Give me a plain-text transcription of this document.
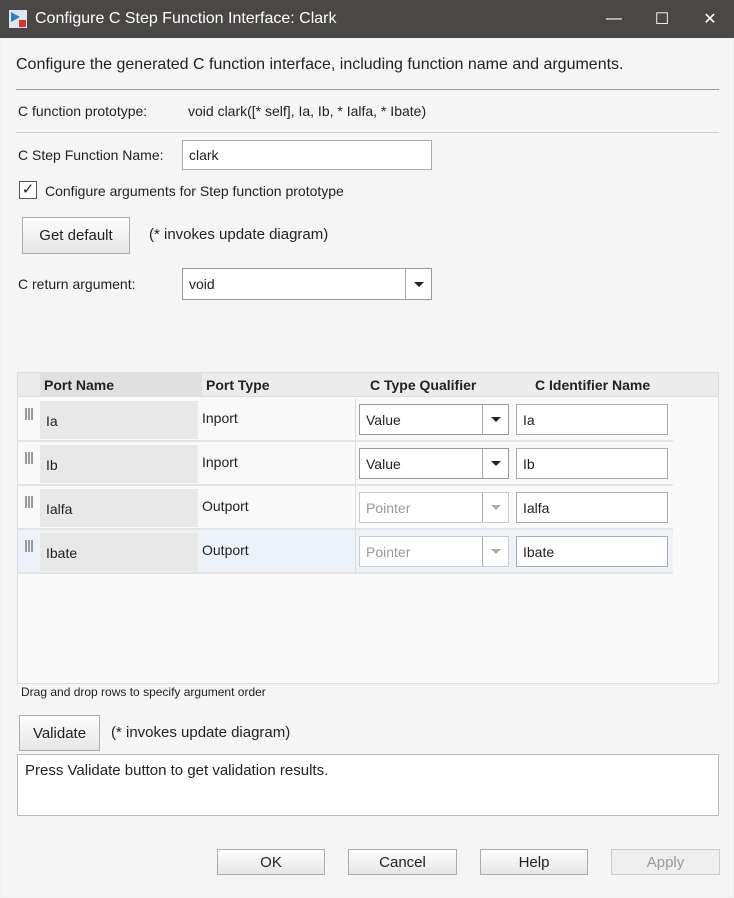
Configure C Step Function Interface: Clark	—	☐	✕
Configure the generated C function interface, including function name and arguments.
C function prototype:	void clark([* self], Ia, Ib, * Ialfa, * Ibate)
C Step Function Name:	clark
✓ Configure arguments for Step function prototype
Get default	(* invokes update diagram)
C return argument:	void
Port Name	Port Type	C Type Qualifier	C Identifier Name
Ia	Inport	Value	Ia
Ib	Inport	Value	Ib
Ialfa	Outport	Pointer	Ialfa
Ibate	Outport	Pointer	Ibate
Drag and drop rows to specify argument order
Validate	(* invokes update diagram)
Press Validate button to get validation results.
OK	Cancel	Help	Apply
